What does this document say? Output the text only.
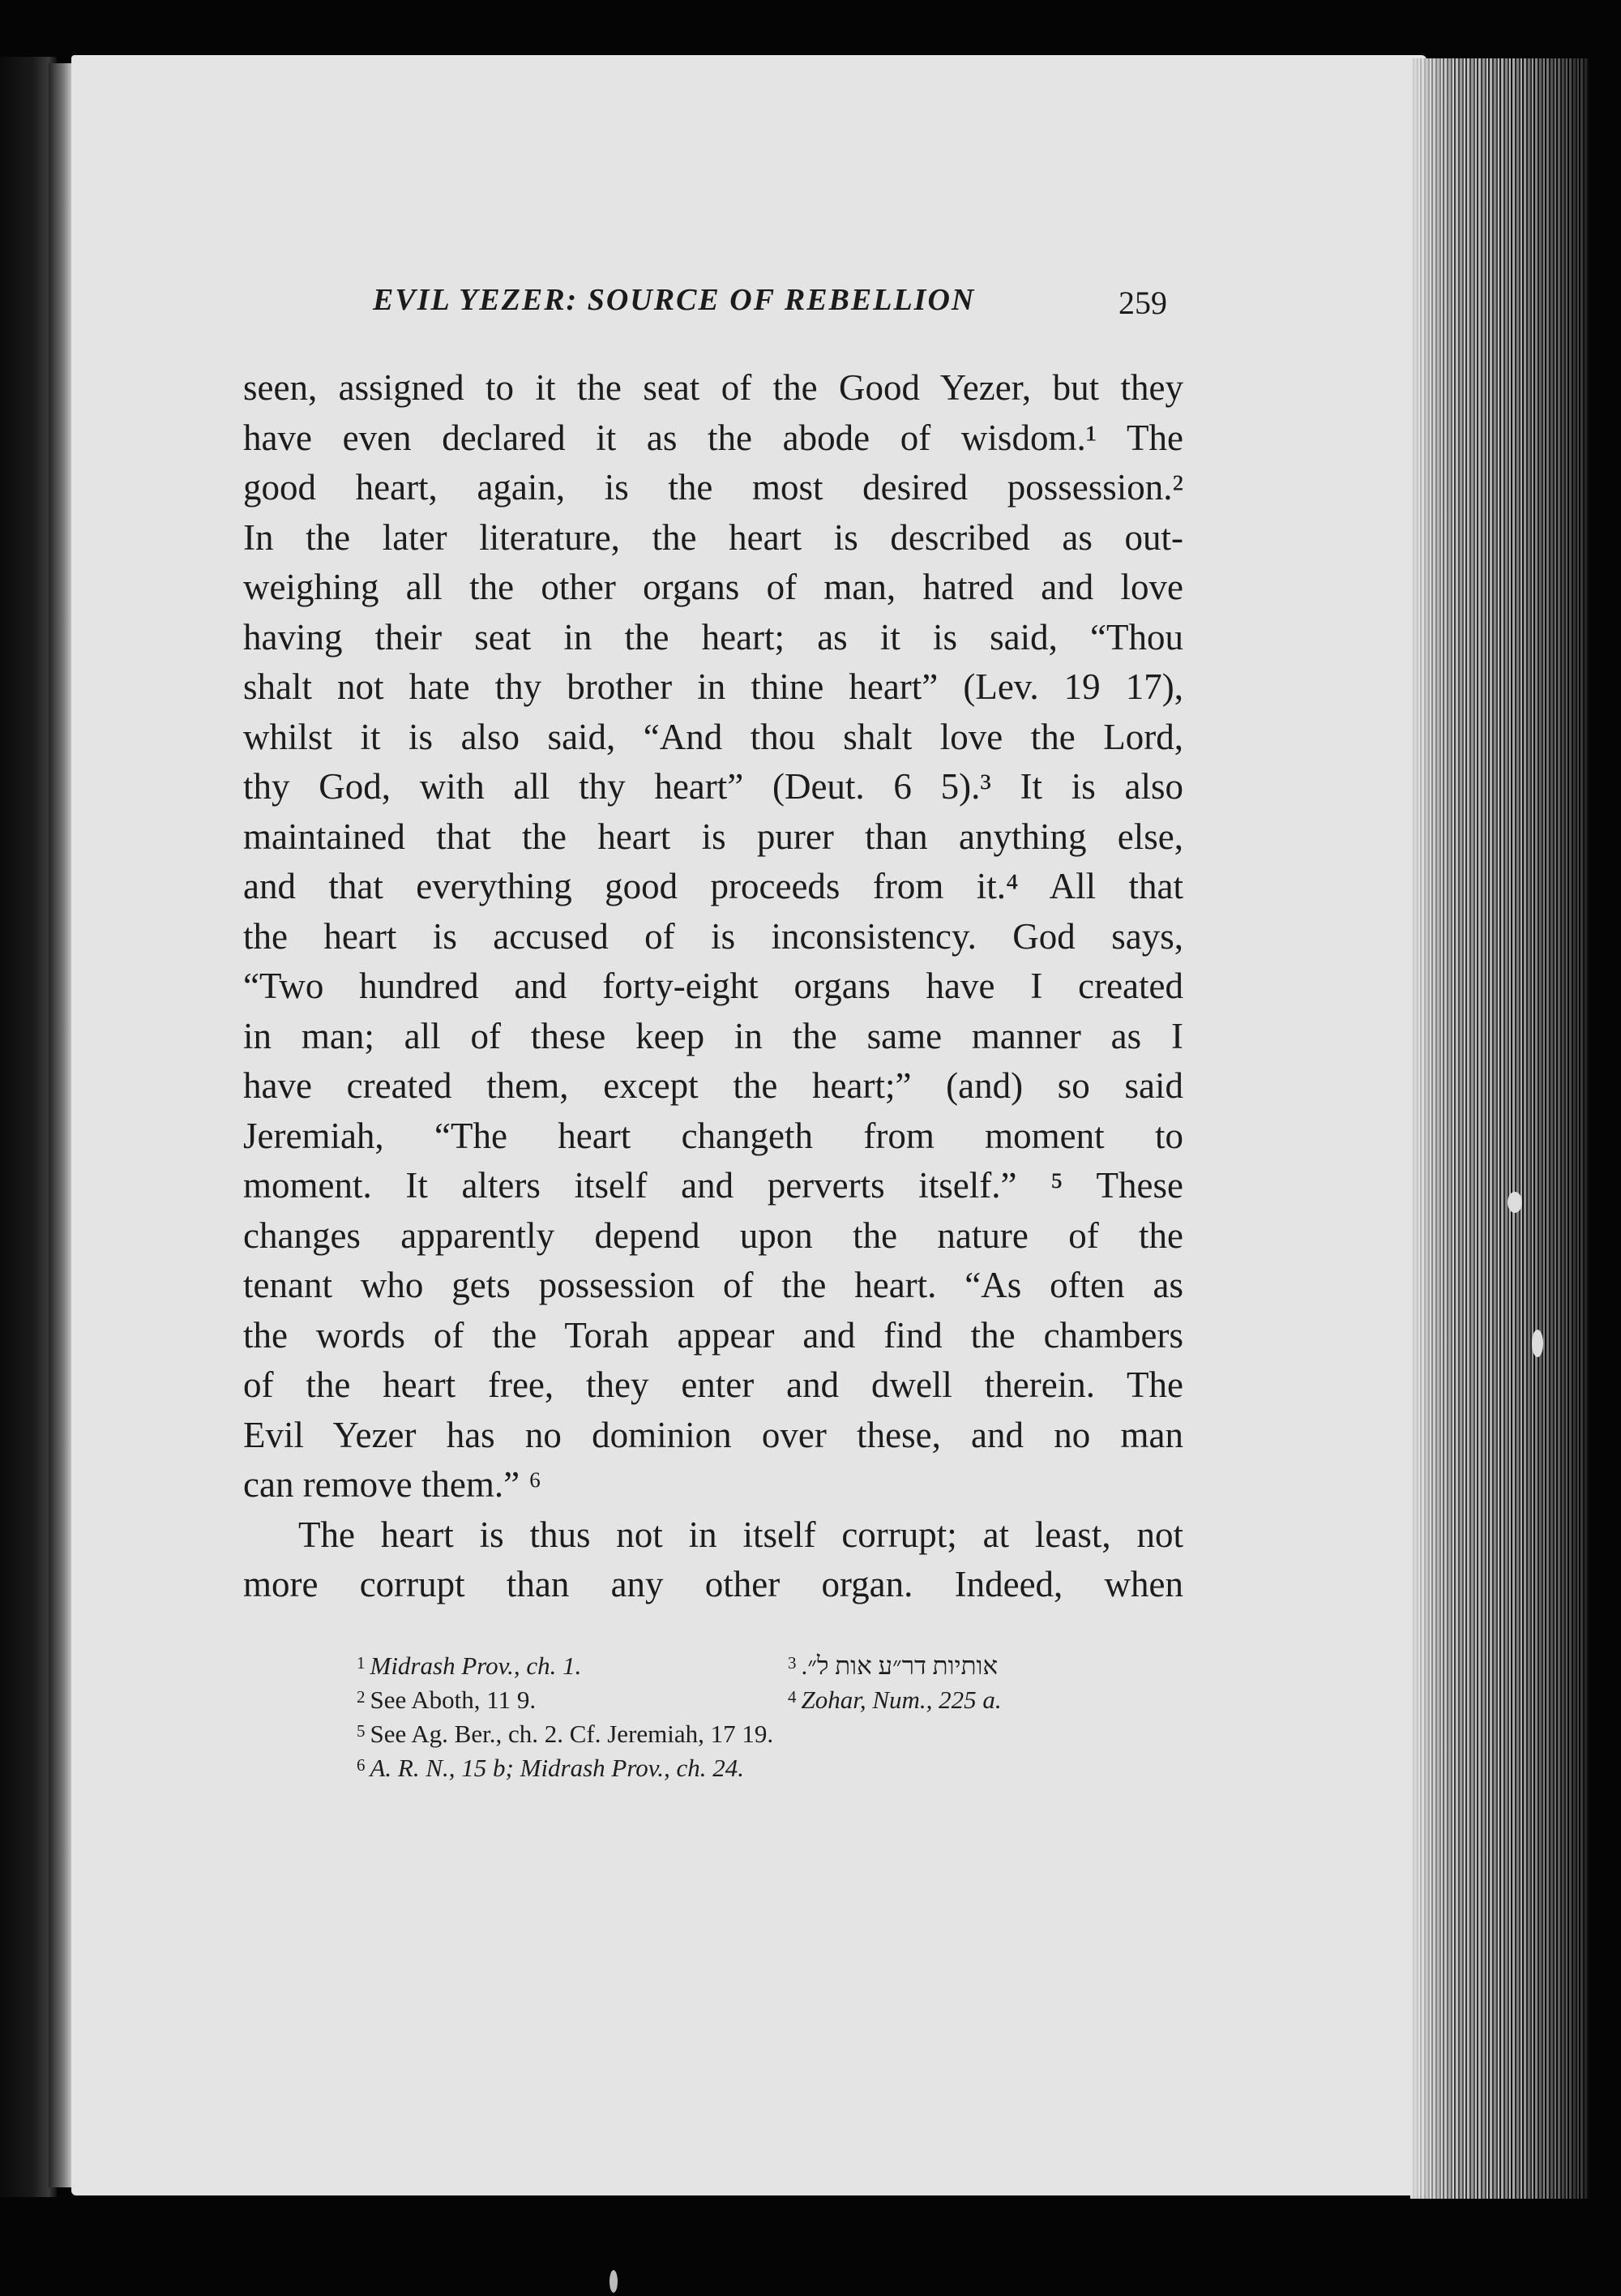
EVIL YEZER: SOURCE OF REBELLION	259
seen, assigned to it the seat of the Good Yezer, but they
have even declared it as the abode of wisdom.¹ The
good heart, again, is the most desired possession.²
In the later literature, the heart is described as out-
weighing all the other organs of man, hatred and love
having their seat in the heart; as it is said, “Thou
shalt not hate thy brother in thine heart” (Lev. 19 17),
whilst it is also said, “And thou shalt love the Lord,
thy God, with all thy heart” (Deut. 6 5).³ It is also
maintained that the heart is purer than anything else,
and that everything good proceeds from it.⁴ All that
the heart is accused of is inconsistency. God says,
“Two hundred and forty-eight organs have I created
in man; all of these keep in the same manner as I
have created them, except the heart;” (and) so said
Jeremiah, “The heart changeth from moment to
moment. It alters itself and perverts itself.” ⁵ These
changes apparently depend upon the nature of the
tenant who gets possession of the heart. “As often as
the words of the Torah appear and find the chambers
of the heart free, they enter and dwell therein. The
Evil Yezer has no dominion over these, and no man
can remove them.” ⁶
The heart is thus not in itself corrupt; at least, not
more corrupt than any other organ. Indeed, when
$^1$ Midrash Prov., ch. 1.	$^3$ אותיות דר״ע אות ל״.
$^2$ See Aboth, 11 9.	$^4$ Zohar, Num., 225 a.
$^5$ See Ag. Ber., ch. 2. Cf. Jeremiah, 17 19.
$^6$ A. R. N., 15 b; Midrash Prov., ch. 24.
